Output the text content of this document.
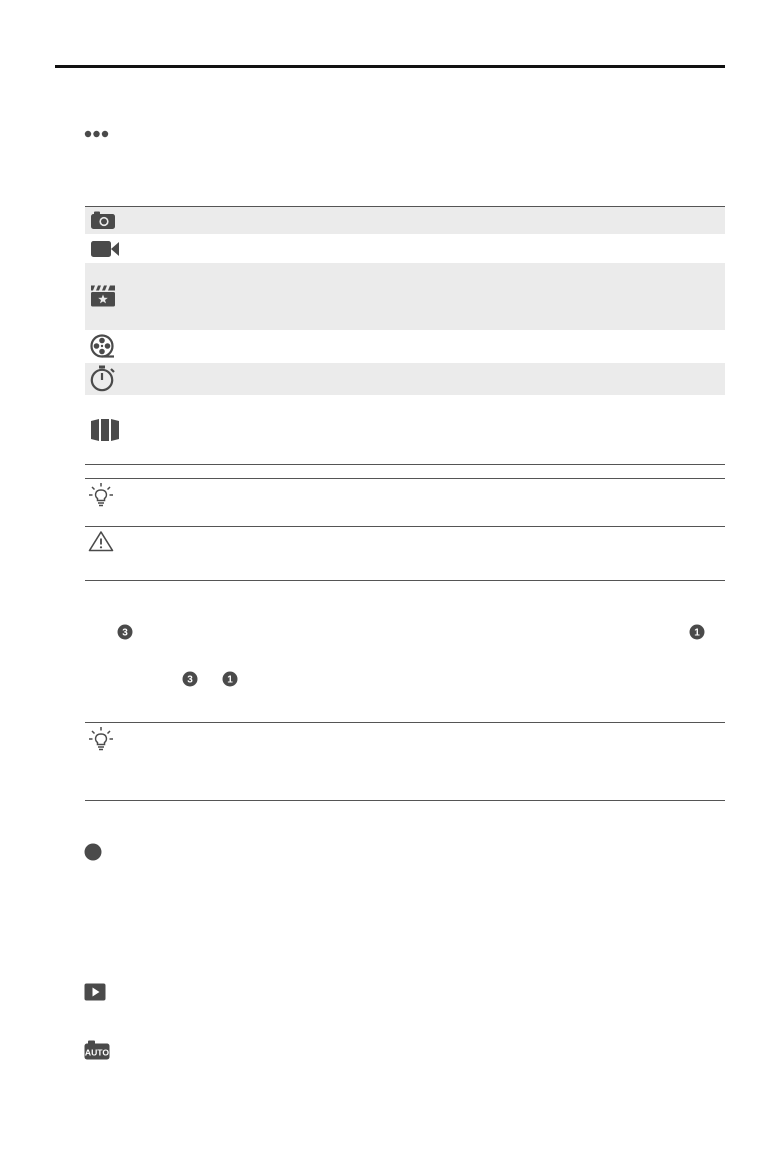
3	1
3	1
AUTO
